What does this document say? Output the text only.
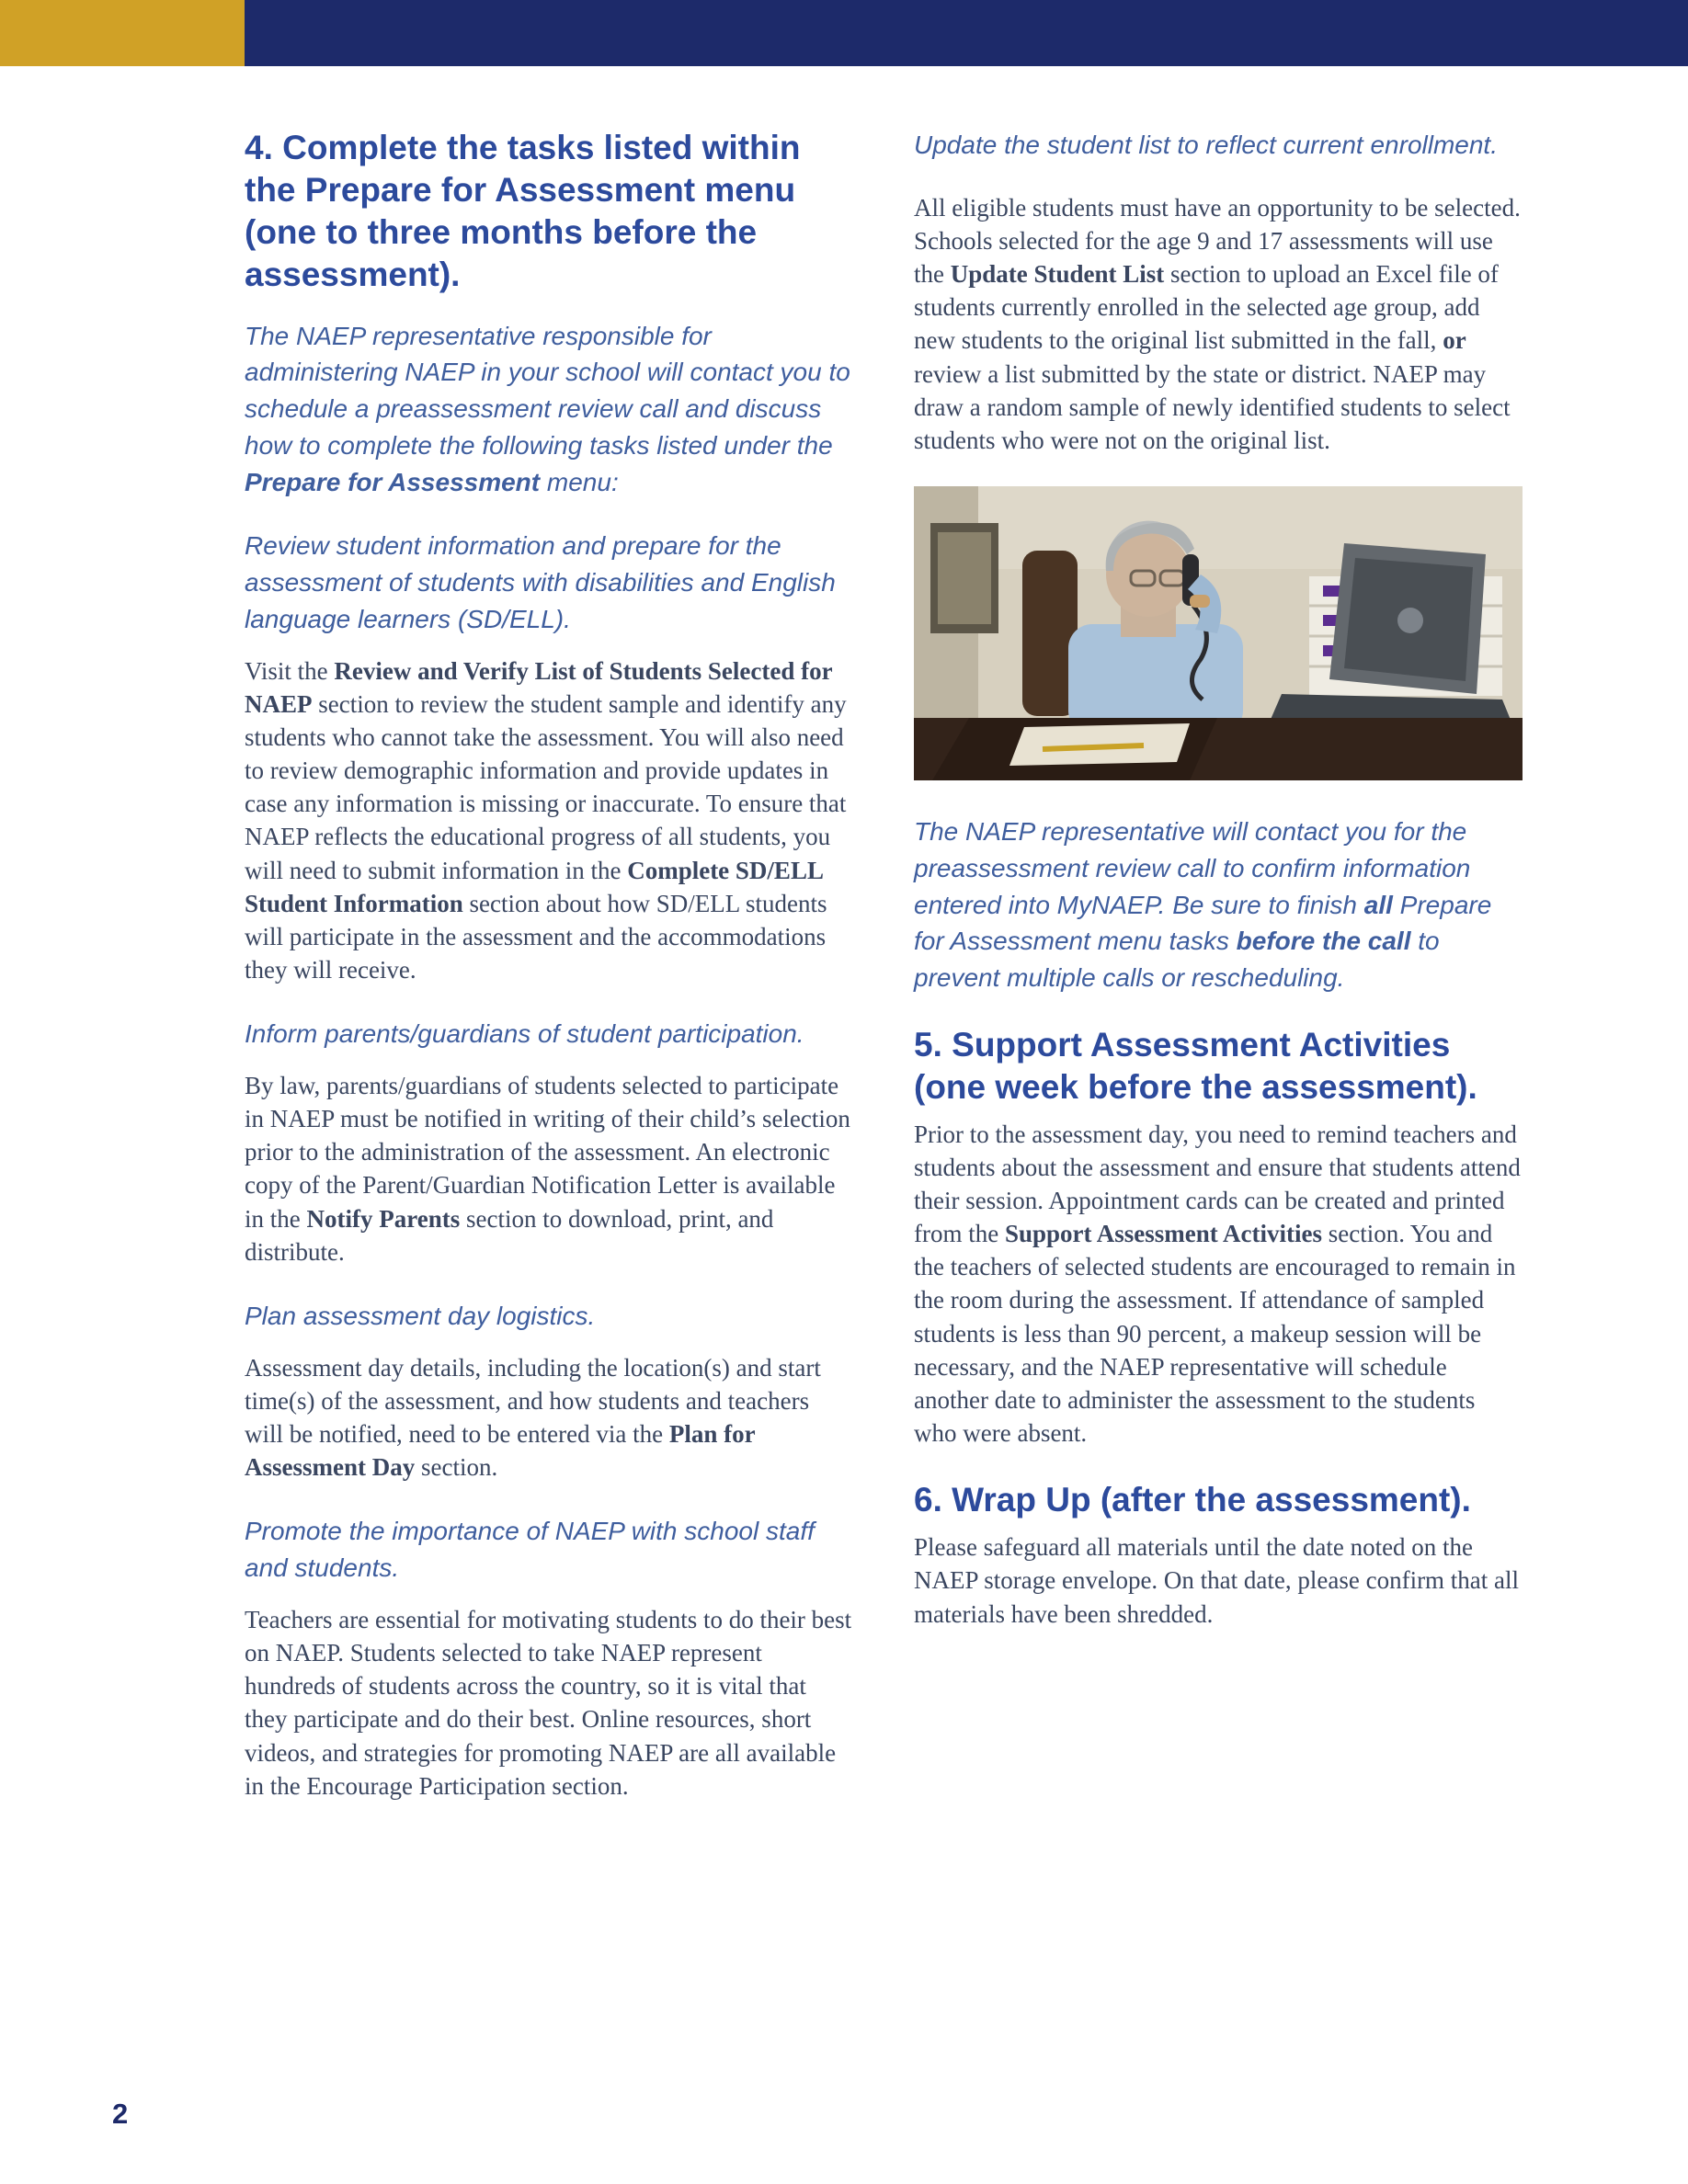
4. Complete the tasks listed within the Prepare for Assessment menu (one to three months before the assessment).

The NAEP representative responsible for administering NAEP in your school will contact you to schedule a preassessment review call and discuss how to complete the following tasks listed under the Prepare for Assessment menu:

Review student information and prepare for the assessment of students with disabilities and English language learners (SD/ELL).

Visit the Review and Verify List of Students Selected for NAEP section to review the student sample and identify any students who cannot take the assessment. You will also need to review demographic information and provide updates in case any information is missing or inaccurate. To ensure that NAEP reflects the educational progress of all students, you will need to submit information in the Complete SD/ELL Student Information section about how SD/ELL students will participate in the assessment and the accommodations they will receive.

Inform parents/guardians of student participation.

By law, parents/guardians of students selected to participate in NAEP must be notified in writing of their child’s selection prior to the administration of the assessment. An electronic copy of the Parent/Guardian Notification Letter is available in the Notify Parents section to download, print, and distribute.

Plan assessment day logistics.

Assessment day details, including the location(s) and start time(s) of the assessment, and how students and teachers will be notified, need to be entered via the Plan for Assessment Day section.

Promote the importance of NAEP with school staff and students.

Teachers are essential for motivating students to do their best on NAEP. Students selected to take NAEP represent hundreds of students across the country, so it is vital that they participate and do their best. Online resources, short videos, and strategies for promoting NAEP are all available in the Encourage Participation section.

Update the student list to reflect current enrollment.

All eligible students must have an opportunity to be selected. Schools selected for the age 9 and 17 assessments will use the Update Student List section to upload an Excel file of students currently enrolled in the selected age group, add new students to the original list submitted in the fall, or review a list submitted by the state or district. NAEP may draw a random sample of newly identified students to select students who were not on the original list.

The NAEP representative will contact you for the preassessment review call to confirm information entered into MyNAEP. Be sure to finish all Prepare for Assessment menu tasks before the call to prevent multiple calls or rescheduling.

5. Support Assessment Activities (one week before the assessment).

Prior to the assessment day, you need to remind teachers and students about the assessment and ensure that students attend their session. Appointment cards can be created and printed from the Support Assessment Activities section. You and the teachers of selected students are encouraged to remain in the room during the assessment. If attendance of sampled students is less than 90 percent, a makeup session will be necessary, and the NAEP representative will schedule another date to administer the assessment to the students who were absent.

6. Wrap Up (after the assessment).

Please safeguard all materials until the date noted on the NAEP storage envelope. On that date, please confirm that all materials have been shredded.

2
